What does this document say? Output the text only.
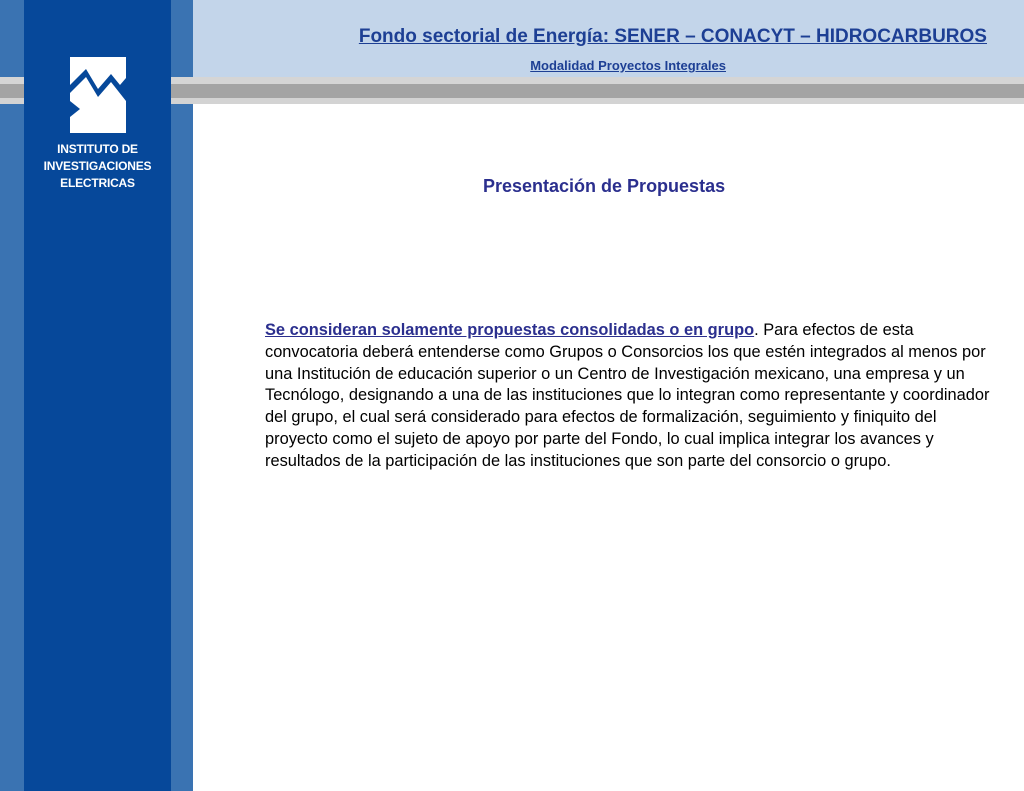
INSTITUTO DE
INVESTIGACIONES
ELECTRICAS
Fondo sectorial de Energía: SENER – CONACYT – HIDROCARBUROS
Modalidad Proyectos Integrales
Presentación de Propuestas
Se consideran solamente propuestas consolidadas o en grupo. Para efectos de esta convocatoria deberá entenderse como Grupos o Consorcios los que estén integrados al menos por una Institución de educación superior o un Centro de Investigación mexicano, una empresa y un Tecnólogo, designando a una de las instituciones que lo integran como representante y coordinador del grupo, el cual será considerado para efectos de formalización, seguimiento y finiquito del proyecto como el sujeto de apoyo por parte del Fondo, lo cual implica integrar los avances y resultados de la participación de las instituciones que son parte del consorcio o grupo.
